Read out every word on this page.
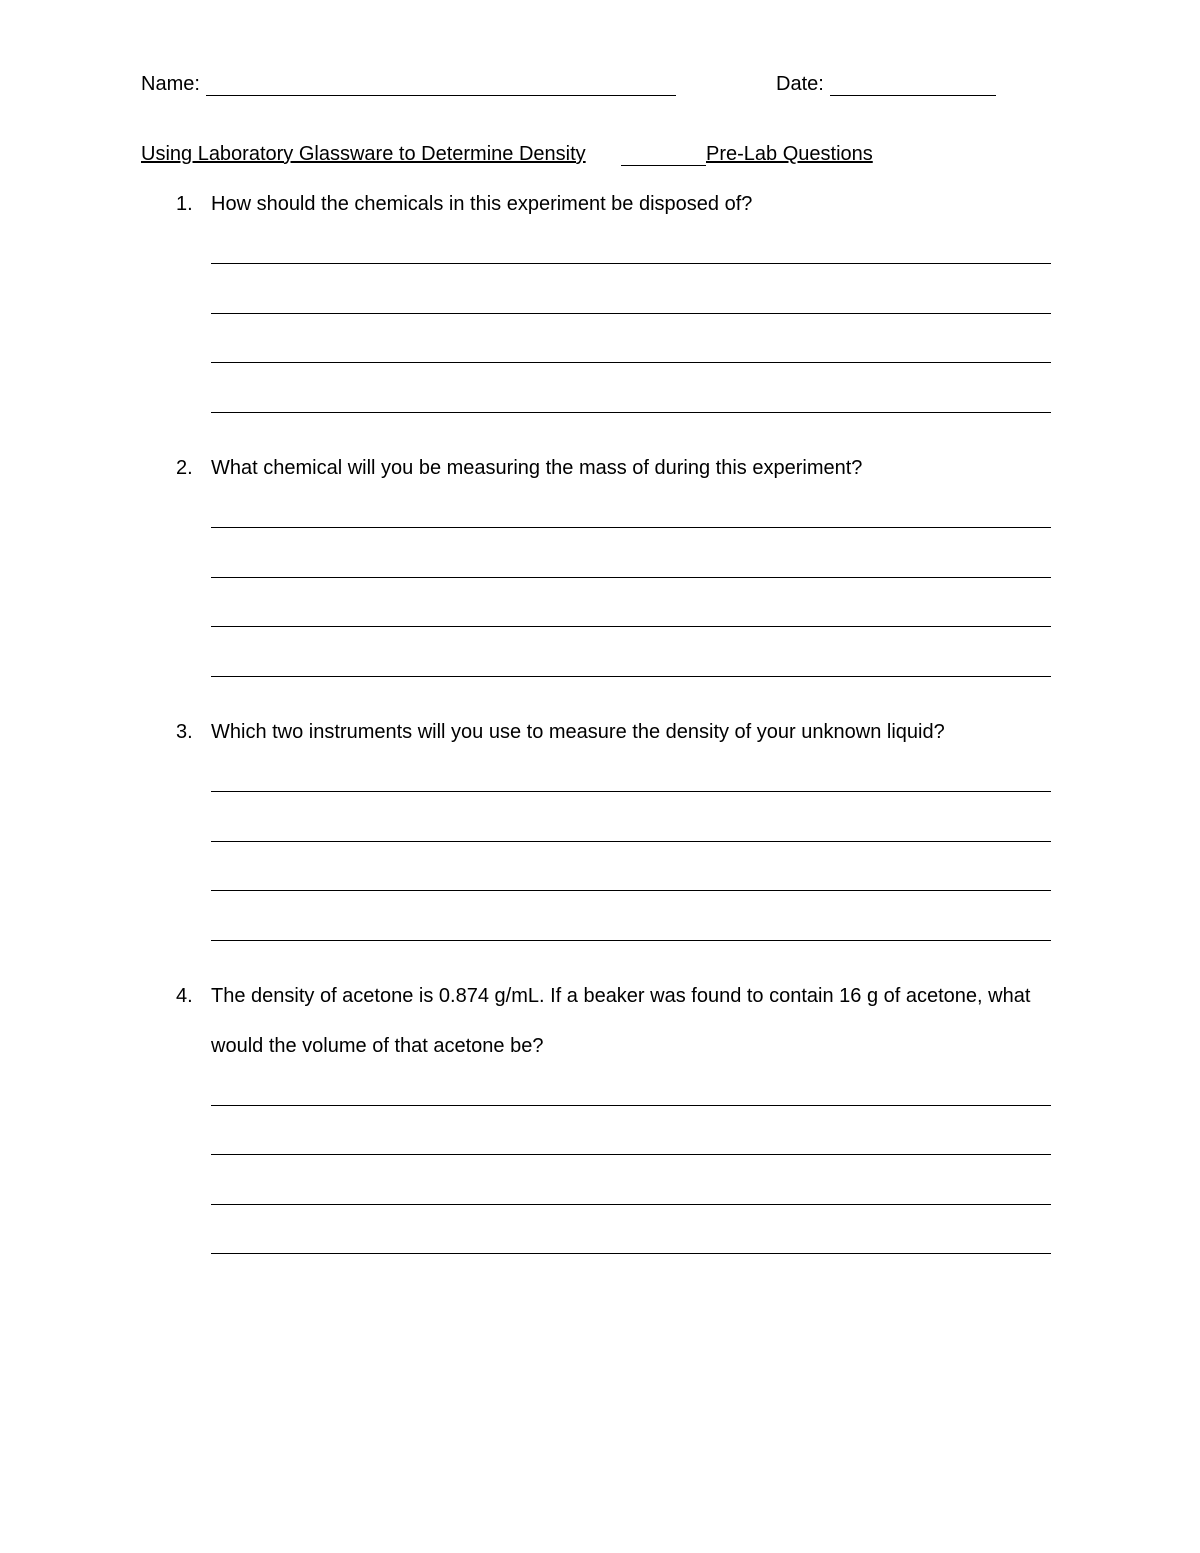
Name:	Date:
Using Laboratory Glassware to Determine Density	Pre-Lab Questions
1. How should the chemicals in this experiment be disposed of?
2. What chemical will you be measuring the mass of during this experiment?
3. Which two instruments will you use to measure the density of your unknown liquid?
4. The density of acetone is 0.874 g/mL. If a beaker was found to contain 16 g of acetone, what would the volume of that acetone be?
